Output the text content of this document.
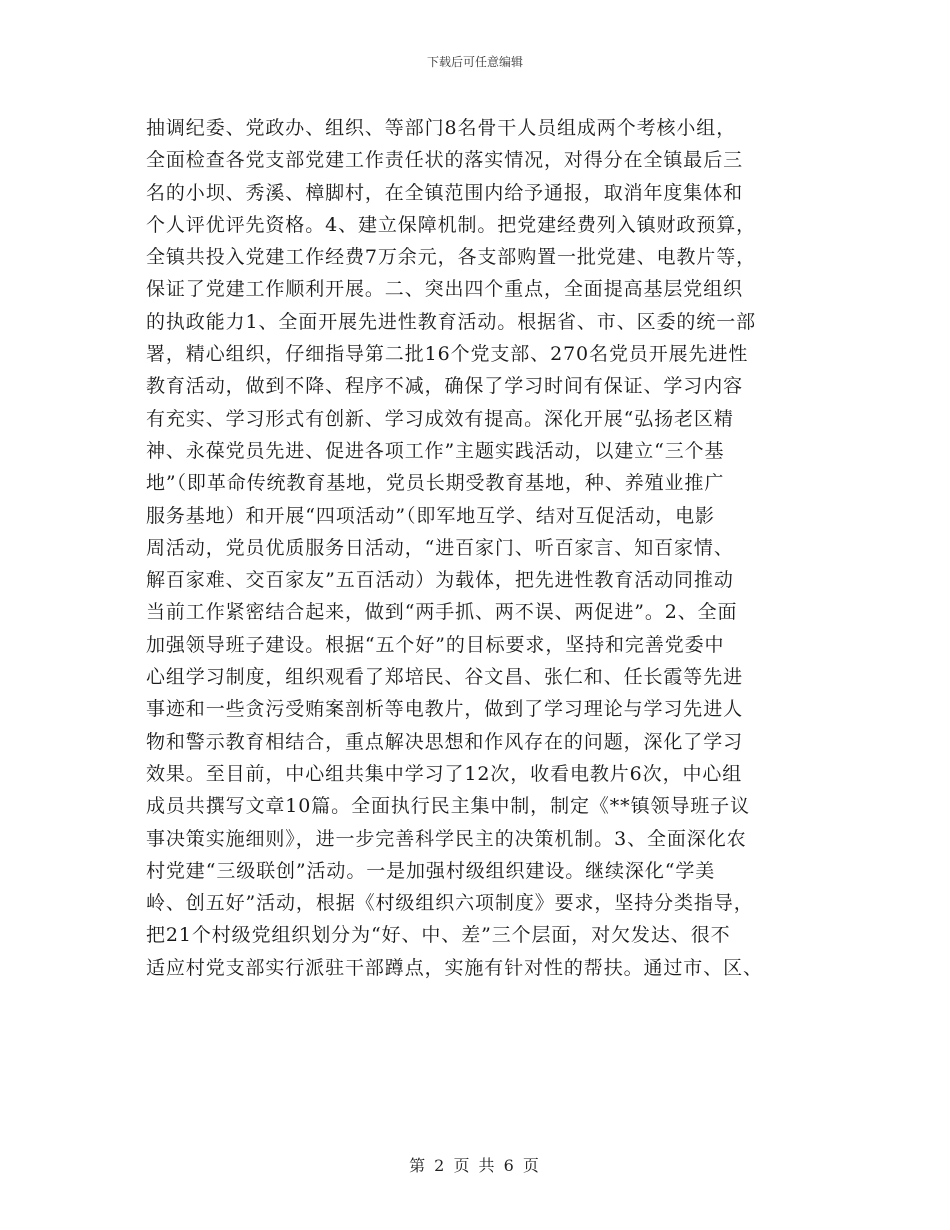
下载后可任意编辑
抽调纪委、党政办、组织、等部门8名骨干人员组成两个考核小组，
全面检查各党支部党建工作责任状的落实情况，对得分在全镇最后三
名的小坝、秀溪、樟脚村，在全镇范围内给予通报，取消年度集体和
个人评优评先资格。4、建立保障机制。把党建经费列入镇财政预算，
全镇共投入党建工作经费7万余元，各支部购置一批党建、电教片等，
保证了党建工作顺利开展。二、突出四个重点，全面提高基层党组织
的执政能力1、全面开展先进性教育活动。根据省、市、区委的统一部
署，精心组织，仔细指导第二批16个党支部、270名党员开展先进性
教育活动，做到不降、程序不减，确保了学习时间有保证、学习内容
有充实、学习形式有创新、学习成效有提高。深化开展“弘扬老区精
神、永葆党员先进、促进各项工作”主题实践活动，以建立“三个基
地”（即革命传统教育基地，党员长期受教育基地，种、养殖业推广
服务基地）和开展“四项活动”（即军地互学、结对互促活动，电影
周活动，党员优质服务日活动，“进百家门、听百家言、知百家情、
解百家难、交百家友”五百活动）为载体，把先进性教育活动同推动
当前工作紧密结合起来，做到“两手抓、两不误、两促进”。2、全面
加强领导班子建设。根据“五个好”的目标要求，坚持和完善党委中
心组学习制度，组织观看了郑培民、谷文昌、张仁和、任长霞等先进
事迹和一些贪污受贿案剖析等电教片，做到了学习理论与学习先进人
物和警示教育相结合，重点解决思想和作风存在的问题，深化了学习
效果。至目前，中心组共集中学习了12次，收看电教片6次，中心组
成员共撰写文章10篇。全面执行民主集中制，制定《**镇领导班子议
事决策实施细则》，进一步完善科学民主的决策机制。3、全面深化农
村党建“三级联创”活动。一是加强村级组织建设。继续深化“学美
岭、创五好”活动，根据《村级组织六项制度》要求，坚持分类指导，
把21个村级党组织划分为“好、中、差”三个层面，对欠发达、很不
适应村党支部实行派驻干部蹲点，实施有针对性的帮扶。通过市、区、
第 2 页 共 6 页
